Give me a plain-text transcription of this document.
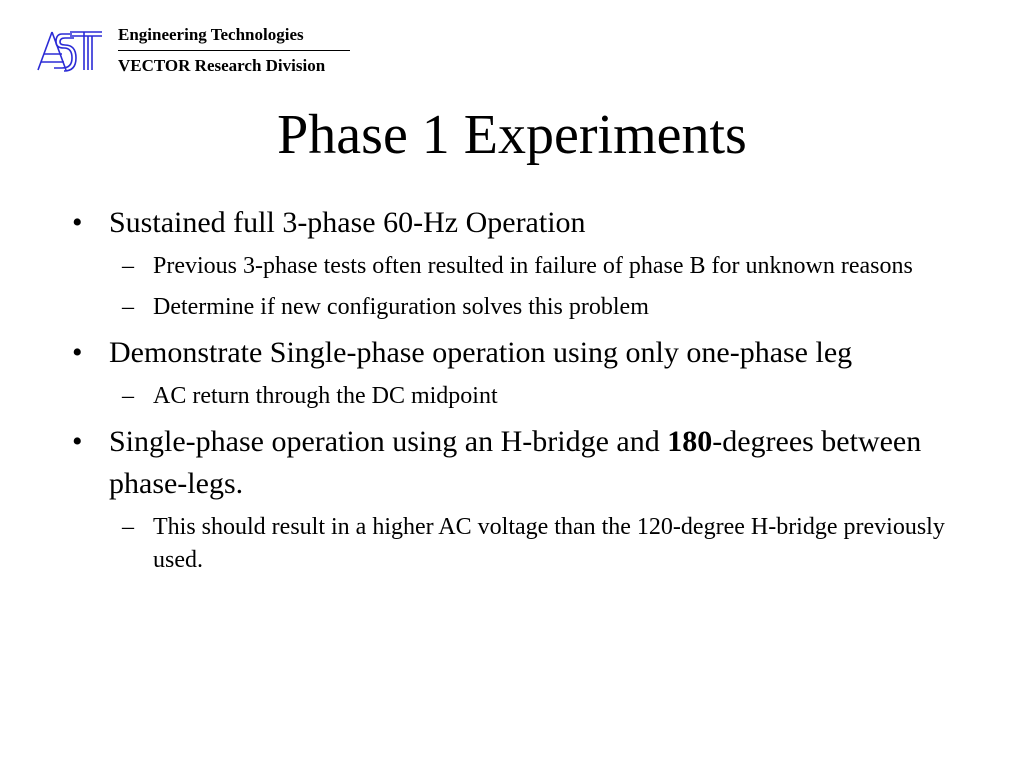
Engineering Technologies
VECTOR Research Division
Phase 1 Experiments
• Sustained full 3-phase 60-Hz Operation
– Previous 3-phase tests often resulted in failure of phase B for unknown reasons
– Determine if new configuration solves this problem
• Demonstrate Single-phase operation using only one-phase leg
– AC return through the DC midpoint
• Single-phase operation using an H-bridge and 180-degrees between phase-legs.
– This should result in a higher AC voltage than the 120-degree H-bridge previously used.
